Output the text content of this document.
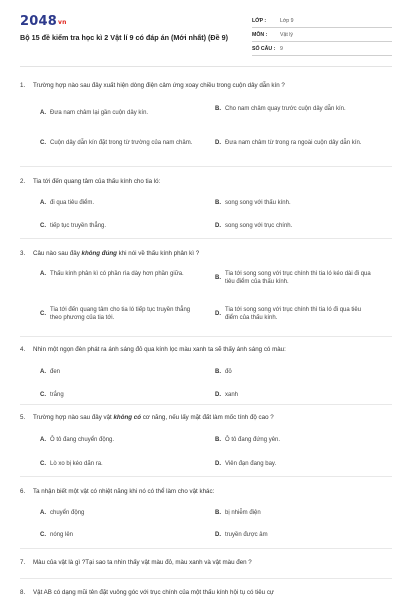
2048vn
Bộ 15 đề kiểm tra học kì 2 Vật lí 9 có đáp án (Mới nhất) (Đề 9)
LỚP :	Lớp 9
MÔN :	Vật lý
SỐ CÂU : 9
1.	Trường hợp nào sau đây xuất hiện dòng điện cảm ứng xoay chiều trong cuộn dây dẫn kín ?
A. Đưa nam châm lại gần cuộn dây kín.
B. Cho nam châm quay trước cuộn dây dẫn kín.
C. Cuộn dây dẫn kín đặt trong từ trường của nam châm.	D. Đưa nam châm từ trong ra ngoài cuộn dây dẫn kín.
2.	Tia tới đến quang tâm của thấu kính cho tia ló:
A. đi qua tiêu điểm.	B. song song với thấu kính.
C. tiếp tục truyền thẳng.	D. song song với trục chính.
3.	Câu nào sau đây không đúng khi nói về thấu kính phân kì ?
A. Thấu kính phân kì có phần rìa dày hơn phần giữa.
B.
Tia tới song song với trục chính thì tia ló kéo dài đi qua tiêu điểm của thấu kính.
C.
Tia tới đến quang tâm cho tia ló tiếp tục truyền thẳng theo phương của tia tới.
D.
Tia tới song song với trục chính thì tia ló đi qua tiêu điểm của thấu kính.
4.	Nhìn một ngọn đèn phát ra ánh sáng đỏ qua kính lọc màu xanh ta sẽ thấy ánh sáng có màu:
A. đen	B. đỏ
C. trắng	D. xanh
5.	Trường hợp nào sau đây vật không có cơ năng, nếu lấy mặt đất làm mốc tính độ cao ?
A. Ô tô đang chuyển động.	B. Ô tô đang đứng yên.
C. Lò xo bị kéo dãn ra.	D. Viên đạn đang bay.
6.	Ta nhận biết một vật có nhiệt năng khi nó có thể làm cho vật khác:
A. chuyển động	B. bị nhiễm điện
C. nóng lên	D. truyền được âm
7.	Màu của vật là gì ?Tại sao ta nhìn thấy vật màu đỏ, màu xanh và vật màu đen ?
8.	Vật AB có dạng mũi tên đặt vuông góc với trục chính của một thấu kính hội tụ có tiêu cự
